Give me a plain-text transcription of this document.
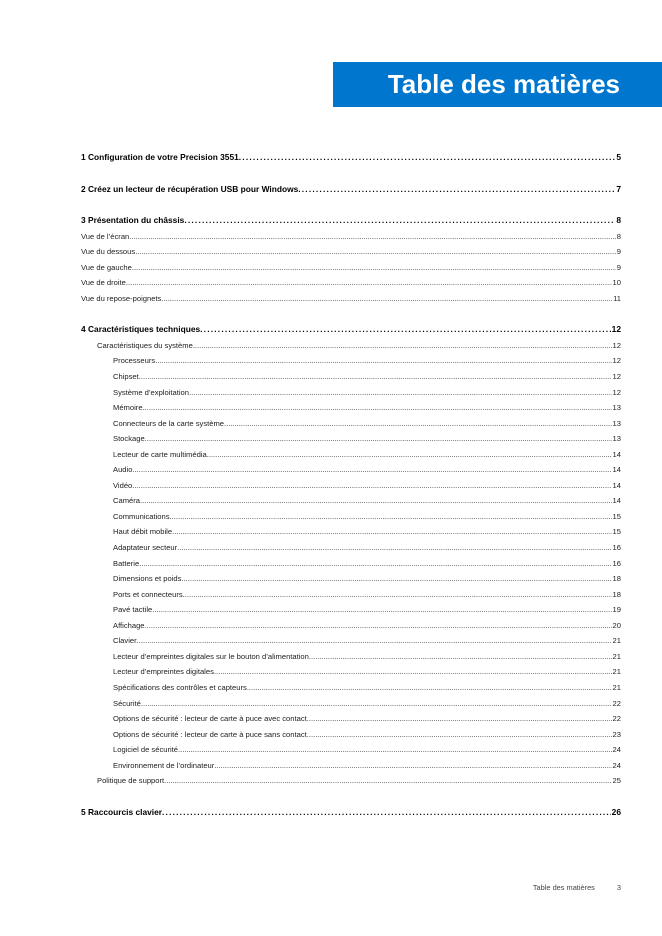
Table des matières
1 Configuration de votre Precision 3551 .....	5
2 Créez un lecteur de récupération USB pour Windows .....	7
3 Présentation du châssis .....	8
Vue de l’écran .....	8
Vue du dessous .....	9
Vue de gauche .....	9
Vue de droite .....	10
Vue du repose-poignets .....	11
4 Caractéristiques techniques .....	12
Caractéristiques du système .....	12
Processeurs .....	12
Chipset .....	12
Système d’exploitation .....	12
Mémoire .....	13
Connecteurs de la carte système .....	13
Stockage .....	13
Lecteur de carte multimédia .....	14
Audio .....	14
Vidéo .....	14
Caméra .....	14
Communications .....	15
Haut débit mobile .....	15
Adaptateur secteur .....	16
Batterie .....	16
Dimensions et poids .....	18
Ports et connecteurs .....	18
Pavé tactile .....	19
Affichage .....	20
Clavier .....	21
Lecteur d’empreintes digitales sur le bouton d’alimentation .....	21
Lecteur d’empreintes digitales .....	21
Spécifications des contrôles et capteurs .....	21
Sécurité .....	22
Options de sécurité : lecteur de carte à puce avec contact .....	22
Options de sécurité : lecteur de carte à puce sans contact .....	23
Logiciel de sécurité .....	24
Environnement de l’ordinateur .....	24
Politique de support .....	25
5 Raccourcis clavier .....	26
Table des matières	3
